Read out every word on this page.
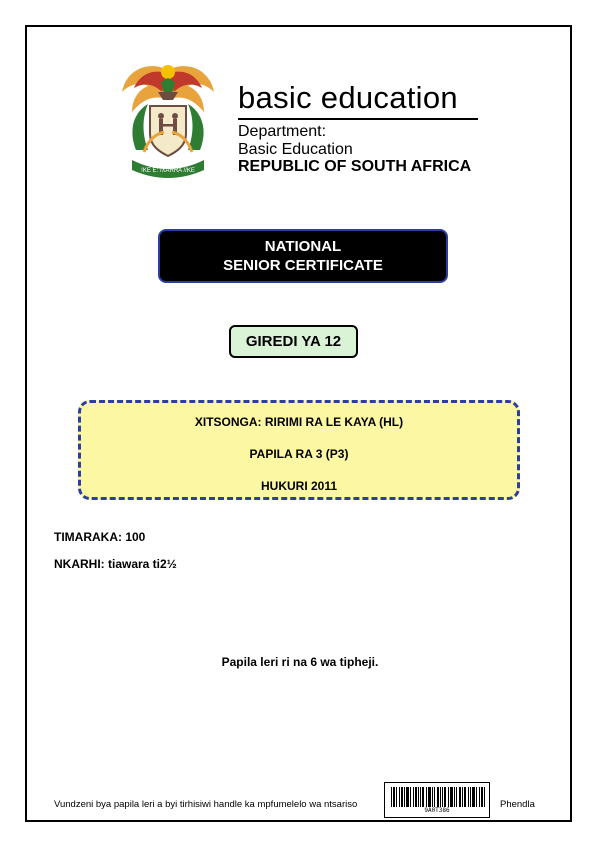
!KE E: /XARRA //KE
basic education
Department:
Basic Education
REPUBLIC OF SOUTH AFRICA
NATIONAL
SENIOR CERTIFICATE
GIREDI YA 12
XITSONGA: RIRIMI RA LE KAYA (HL)
PAPILA RA 3 (P3)
HUKURI 2011
TIMARAKA: 100
NKARHI: tiawara ti2½
Papila leri ri na 6 wa tipheji.
Vundzeni bya papila leri a byi tirhisiwi handle ka mpfumelelo wa ntsariso
9A0T386
Phendla
